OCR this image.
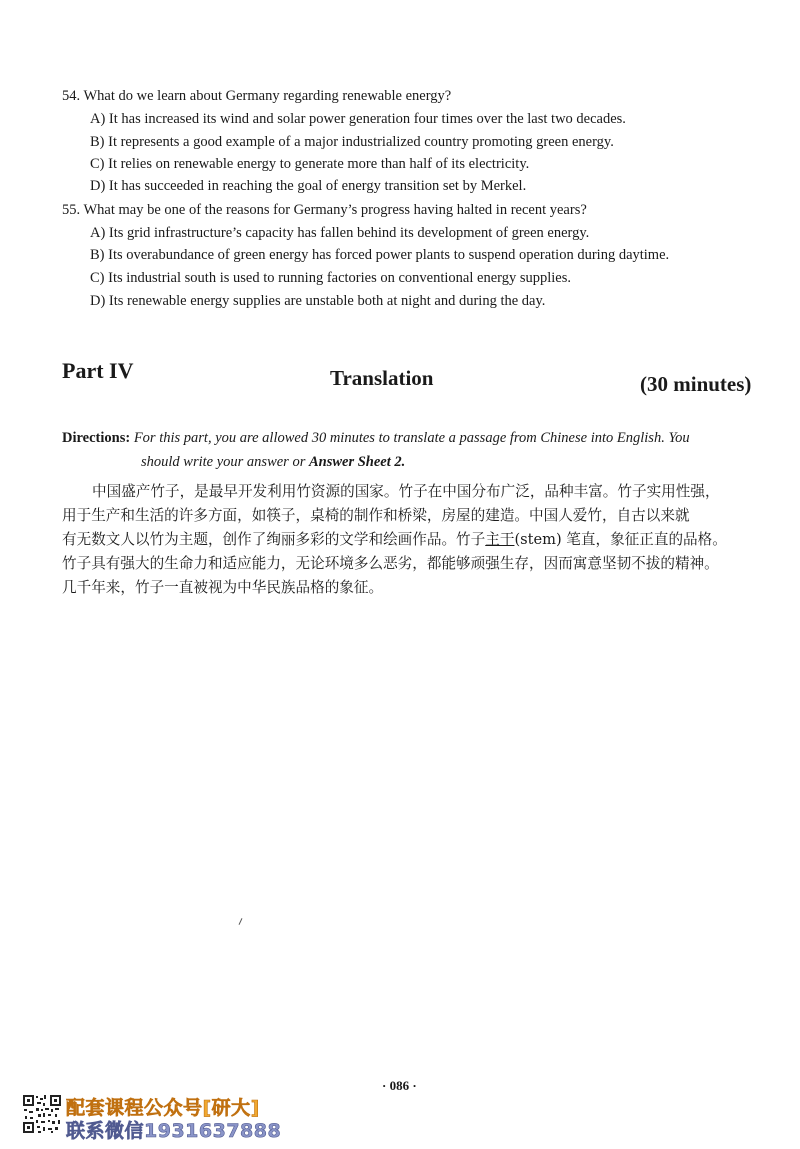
54. What do we learn about Germany regarding renewable energy?
A) It has increased its wind and solar power generation four times over the last two decades.
B) It represents a good example of a major industrialized country promoting green energy.
C) It relies on renewable energy to generate more than half of its electricity.
D) It has succeeded in reaching the goal of energy transition set by Merkel.
55. What may be one of the reasons for Germany’s progress having halted in recent years?
A) Its grid infrastructure’s capacity has fallen behind its development of green energy.
B) Its overabundance of green energy has forced power plants to suspend operation during daytime.
C) Its industrial south is used to running factories on conventional energy supplies.
D) Its renewable energy supplies are unstable both at night and during the day.
Part IV	Translation	(30 minutes)
Directions: For this part, you are allowed 30 minutes to translate a passage from Chinese into English. You
should write your answer or Answer Sheet 2.
中国盛产竹子，是最早开发利用竹资源的国家。竹子在中国分布广泛，品种丰富。竹子实用性强，
用于生产和生活的许多方面，如筷子，桌椅的制作和桥梁，房屋的建造。中国人爱竹，自古以来就
有无数文人以竹为主题，创作了绚丽多彩的文学和绘画作品。竹子主干(stem) 笔直，象征正直的品格。
竹子具有强大的生命力和适应能力，无论环境多么恶劣，都能够顽强生存，因而寓意坚韧不拔的精神。
几千年来，竹子一直被视为中华民族品格的象征。
· 086 ·
配套课程公众号[研大]
联系微信1931637888
